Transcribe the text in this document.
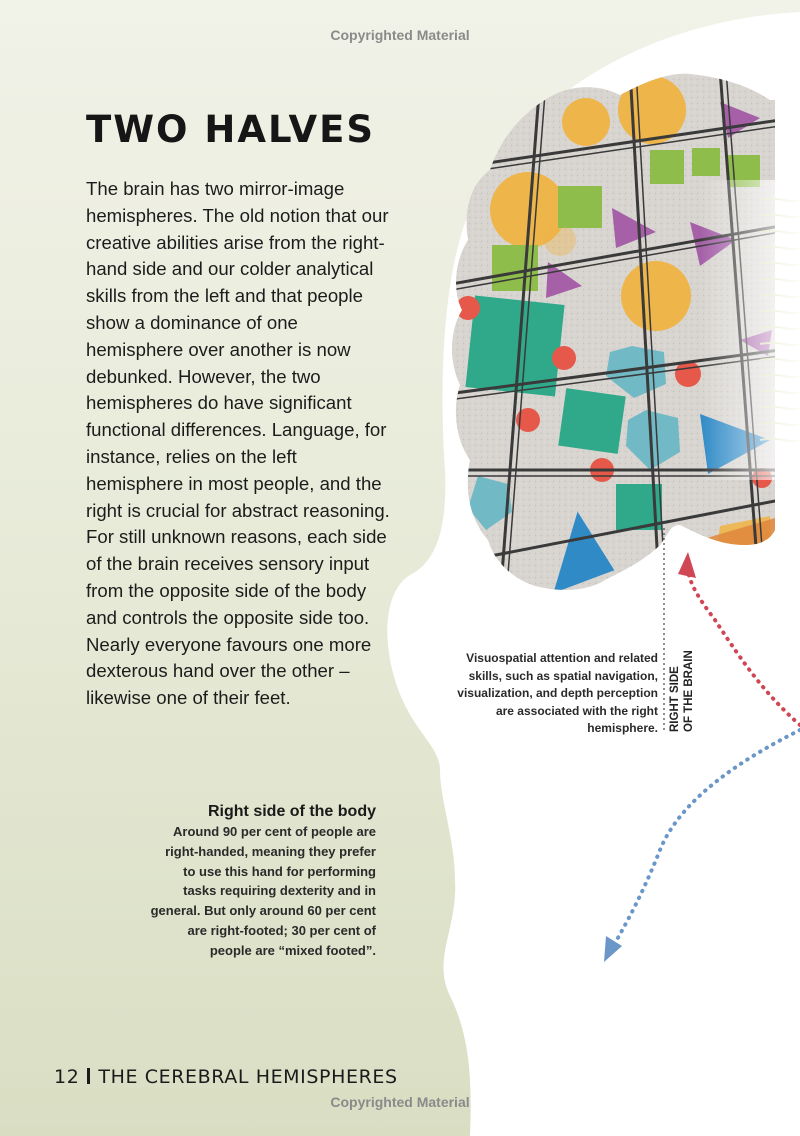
Copyrighted Material
TWO HALVES

The brain has two mirror-image hemispheres. The old notion that our creative abilities arise from the right-hand side and our colder analytical skills from the left and that people show a dominance of one hemisphere over another is now debunked. However, the two hemispheres do have significant functional differences. Language, for instance, relies on the left hemisphere in most people, and the right is crucial for abstract reasoning. For still unknown reasons, each side of the brain receives sensory input from the opposite side of the body and controls the opposite side too. Nearly everyone favours one more dexterous hand over the other – likewise one of their feet.

Visuospatial attention and related skills, such as spatial navigation, visualization, and depth perception are associated with the right hemisphere. RIGHT SIDE OF THE BRAIN
Right side of the body
Around 90 per cent of people are right-handed, meaning they prefer to use this hand for performing tasks requiring dexterity and in general. But only around 60 per cent are right-footed; 30 per cent of people are “mixed footed”.
12 THE CEREBRAL HEMISPHERES
Copyrighted Material
